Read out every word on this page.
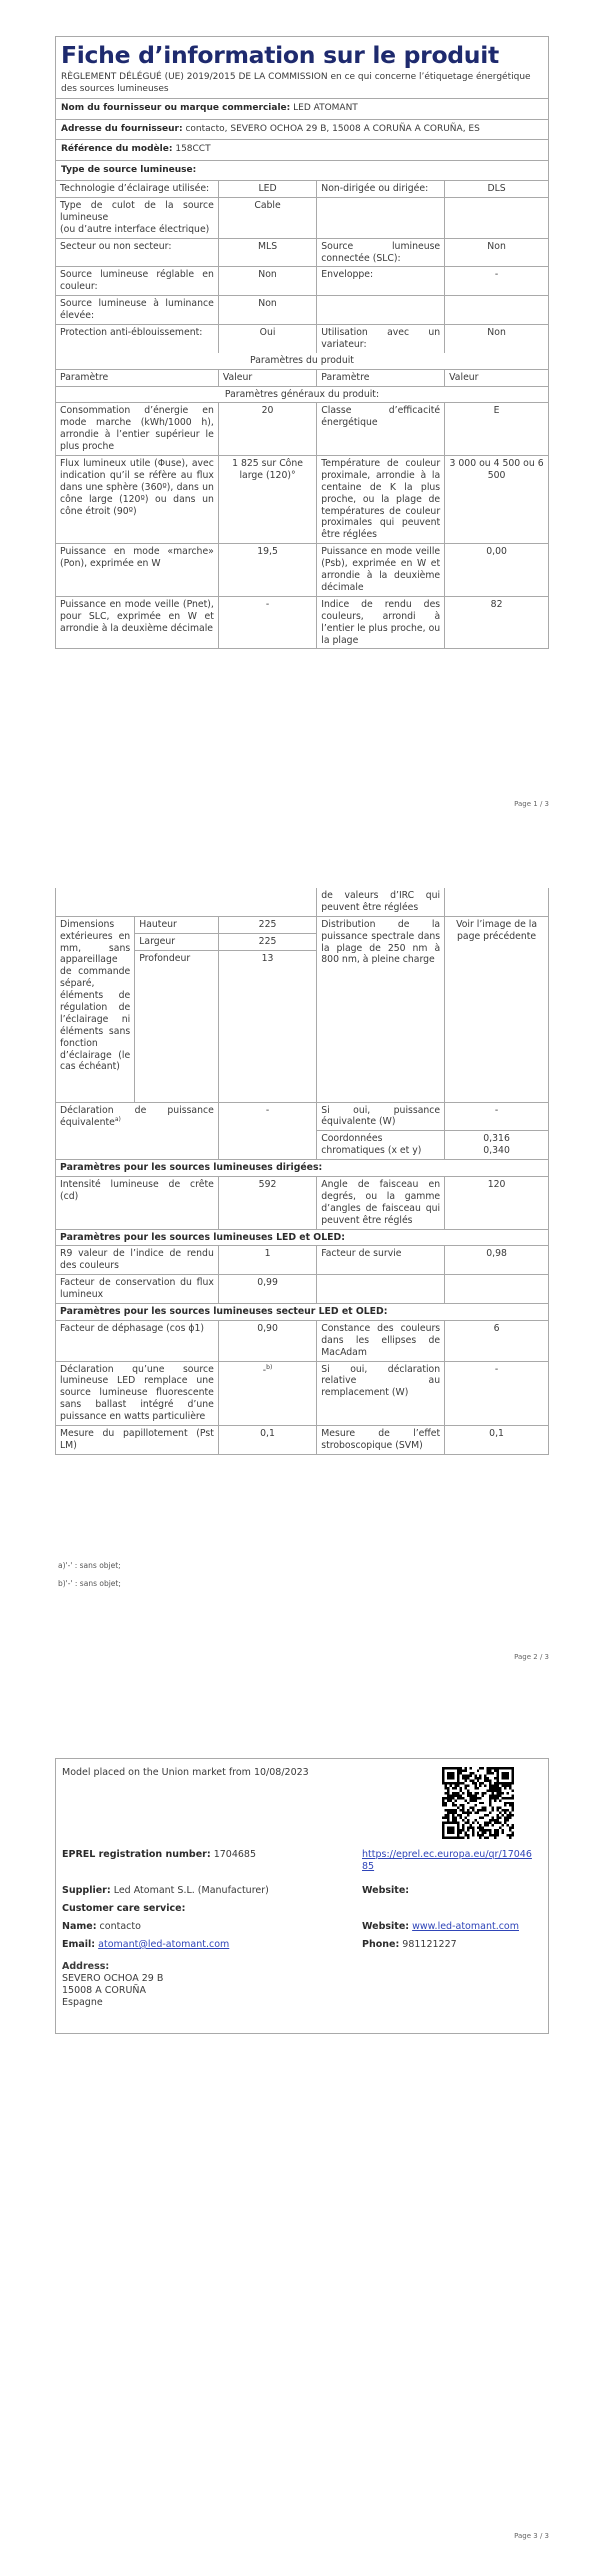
Fiche d’information sur le produit
RÈGLEMENT DÉLÉGUÉ (UE) 2019/2015 DE LA COMMISSION en ce qui concerne l’étiquetage énergétique des sources lumineuses
Nom du fournisseur ou marque commerciale: LED ATOMANT
Adresse du fournisseur: contacto, SEVERO OCHOA 29 B, 15008 A CORUÑA A CORUÑA, ES
Référence du modèle: 158CCT
Type de source lumineuse:
Technologie d’éclairage utilisée:	LED	Non-dirigée ou dirigée:	DLS
Type de culot de la source lumineuse
(ou d’autre interface électrique)	Cable		
Secteur ou non secteur:	MLS	Source lumineuse connectée (SLC):	Non
Source lumineuse réglable en couleur:	Non	Enveloppe:	-
Source lumineuse à luminance élevée:	Non		
Protection anti-éblouissement:	Oui	Utilisation avec un variateur:	Non
Paramètres du produit			
Paramètre	Valeur	Paramètre	Valeur
Paramètres généraux du produit:			
Consommation d’énergie en mode marche (kWh/1000 h), arrondie à l’entier supérieur le plus proche	20	Classe d’efficacité énergétique	E
Flux lumineux utile (Φuse), avec indication qu’il se réfère au flux dans une sphère (360º), dans un cône large (120º) ou dans un cône étroit (90º)	1 825 sur Cône large (120)°	Température de couleur proximale, arrondie à la centaine de K la plus proche, ou la plage de températures de couleur proximales qui peuvent être réglées	3 000 ou 4 500 ou 6 500
Puissance en mode «marche» (Pon), exprimée en W	19,5	Puissance en mode veille (Psb), exprimée en W et arrondie à la deuxième décimale	0,00
Puissance en mode veille (Pnet), pour SLC, exprimée en W et arrondie à la deuxième décimale	-	Indice de rendu des couleurs, arrondi à l’entier le plus proche, ou la plage	82
Page 1 / 3
			de valeurs d’IRC qui peuvent être réglées	
Dimensions extérieures en mm, sans appareillage de commande séparé, éléments de régulation de l’éclairage ni éléments sans fonction d’éclairage (le cas échéant)	Hauteur	225	Distribution de la puissance spectrale dans la plage de 250 nm à 800 nm, à pleine charge	Voir l’image de la page précédente
	Largeur	225		
	Profondeur	13		
Déclaration de puissance équivalente$^{a)}$		-	Si oui, puissance équivalente (W)	-
			Coordonnées chromatiques (x et y)	0,316
0,340

Paramètres pour les sources lumineuses dirigées:				
Intensité lumineuse de crête (cd)		592	Angle de faisceau en degrés, ou la gamme d’angles de faisceau qui peuvent être réglés	120
Paramètres pour les sources lumineuses LED et OLED:				
R9 valeur de l’indice de rendu des couleurs		1	Facteur de survie	0,98
Facteur de conservation du flux lumineux		0,99		
Paramètres pour les sources lumineuses secteur LED et OLED:				
Facteur de déphasage (cos ϕ1)		0,90	Constance des couleurs dans les ellipses de MacAdam	6
Déclaration qu’une source lumineuse LED remplace une source lumineuse fluorescente sans ballast intégré d’une puissance en watts particulière		-$^{b)}$	Si oui, déclaration relative au remplacement (W)	-
Mesure du papillotement (Pst LM)		0,1	Mesure de l’effet stroboscopique (SVM)	0,1
a)'-' : sans objet;
b)'-' : sans objet;
Page 2 / 3
Model placed on the Union market from 10/08/2023
EPREL registration number: 1704685	https://eprel.ec.europa.eu/qr/1704685
Supplier: Led Atomant S.L. (Manufacturer)	Website:
Customer care service:
Name: contacto	Website: www.led-atomant.com
Email: atomant@led-atomant.com	Phone: 981121227
Address:
SEVERO OCHOA 29 B
15008 A CORUÑA
Espagne
Page 3 / 3
